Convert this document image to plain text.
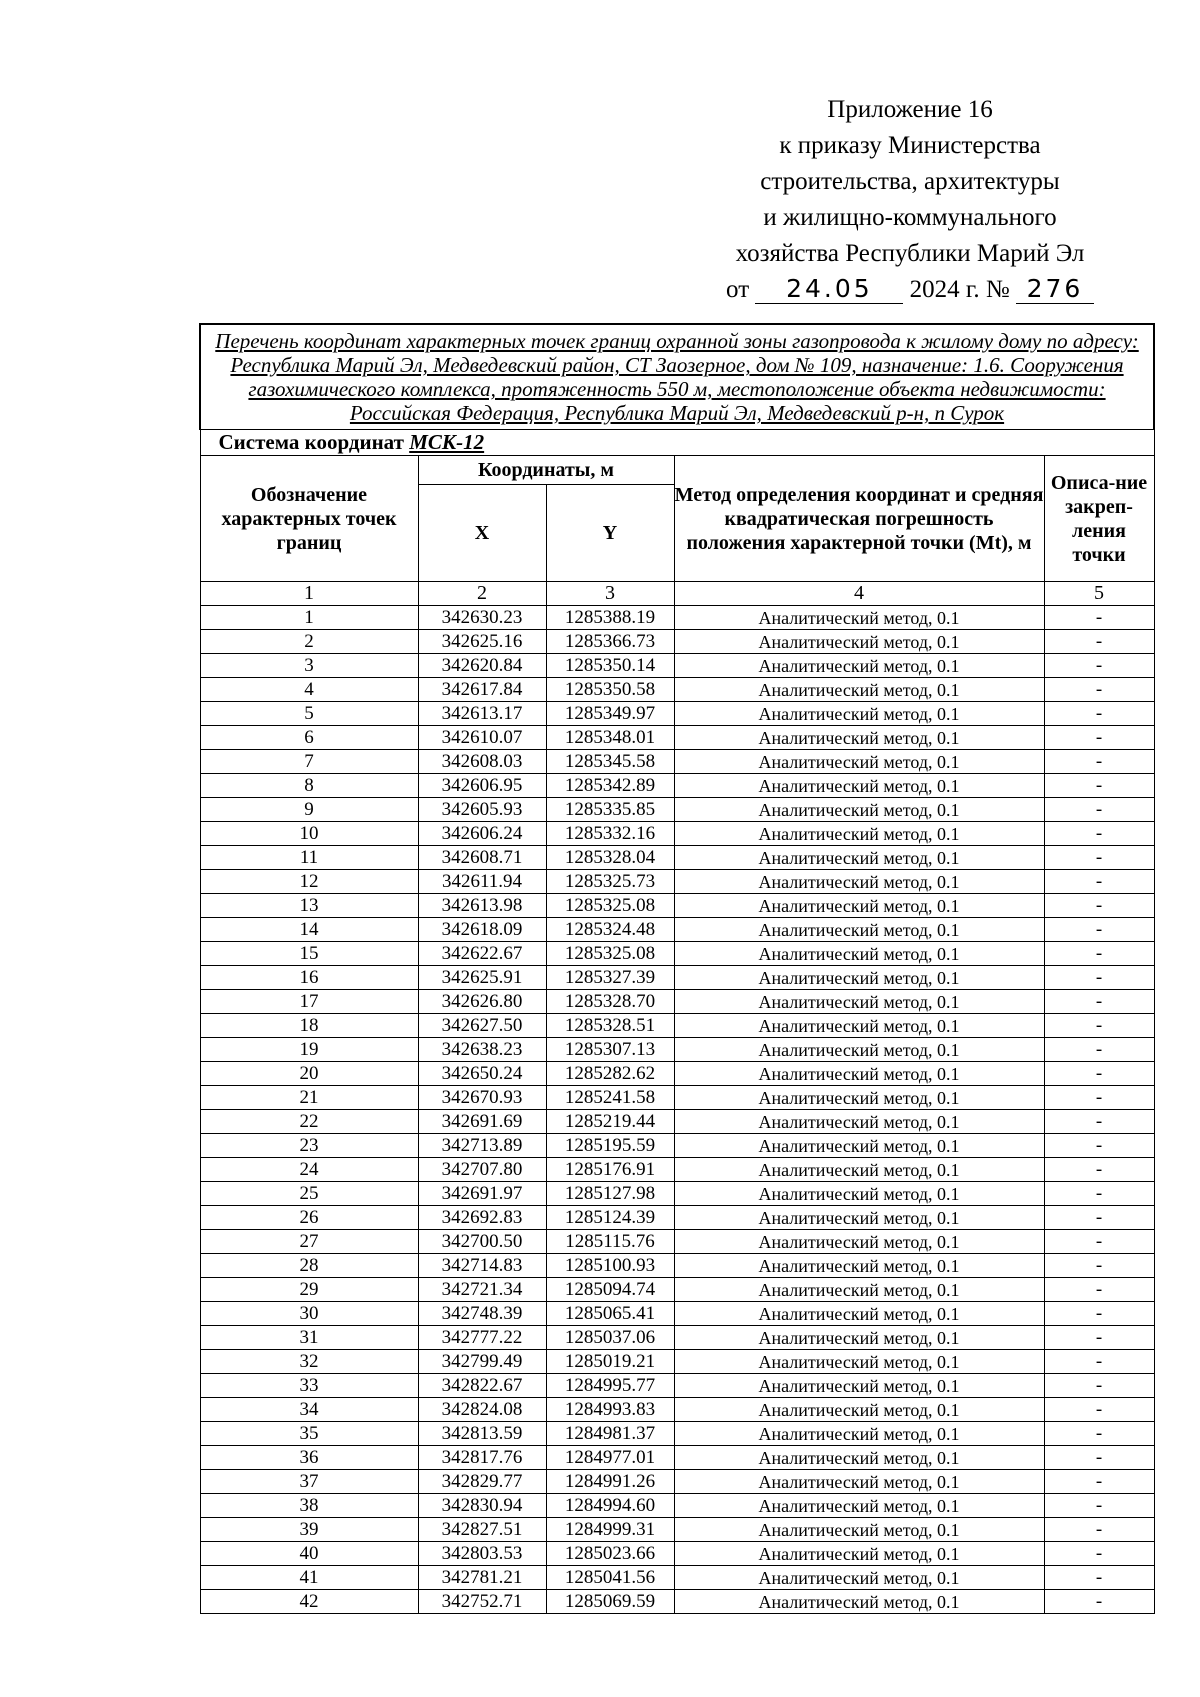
Приложение 16
к приказу Министерства
строительства, архитектуры
и жилищно-коммунального
хозяйства Республики Марий Эл
от 24.05 2024 г. № 276
Перечень координат характерных точек границ охранной зоны газопровода к жилому дому по адресу: Республика Марий Эл, Медведевский район, СТ Заозерное, дом № 109, назначение: 1.6. Сооружения газохимического комплекса, протяженность 550 м, местоположение объекта недвижимости: Российская Федерация, Республика Марий Эл, Медведевский р-н, п Сурок				
Система координат МСК-12				
Обозначение характерных точек границ	Координаты, м		Метод определения координат и средняя квадратическая погрешность положения характерной точки (Mt), м	Описа-ние закреп-ления точки
	X	Y		
1	2	3	4	5
1	342630.23	1285388.19	Аналитический метод, 0.1	-
2	342625.16	1285366.73	Аналитический метод, 0.1	-
3	342620.84	1285350.14	Аналитический метод, 0.1	-
4	342617.84	1285350.58	Аналитический метод, 0.1	-
5	342613.17	1285349.97	Аналитический метод, 0.1	-
6	342610.07	1285348.01	Аналитический метод, 0.1	-
7	342608.03	1285345.58	Аналитический метод, 0.1	-
8	342606.95	1285342.89	Аналитический метод, 0.1	-
9	342605.93	1285335.85	Аналитический метод, 0.1	-
10	342606.24	1285332.16	Аналитический метод, 0.1	-
11	342608.71	1285328.04	Аналитический метод, 0.1	-
12	342611.94	1285325.73	Аналитический метод, 0.1	-
13	342613.98	1285325.08	Аналитический метод, 0.1	-
14	342618.09	1285324.48	Аналитический метод, 0.1	-
15	342622.67	1285325.08	Аналитический метод, 0.1	-
16	342625.91	1285327.39	Аналитический метод, 0.1	-
17	342626.80	1285328.70	Аналитический метод, 0.1	-
18	342627.50	1285328.51	Аналитический метод, 0.1	-
19	342638.23	1285307.13	Аналитический метод, 0.1	-
20	342650.24	1285282.62	Аналитический метод, 0.1	-
21	342670.93	1285241.58	Аналитический метод, 0.1	-
22	342691.69	1285219.44	Аналитический метод, 0.1	-
23	342713.89	1285195.59	Аналитический метод, 0.1	-
24	342707.80	1285176.91	Аналитический метод, 0.1	-
25	342691.97	1285127.98	Аналитический метод, 0.1	-
26	342692.83	1285124.39	Аналитический метод, 0.1	-
27	342700.50	1285115.76	Аналитический метод, 0.1	-
28	342714.83	1285100.93	Аналитический метод, 0.1	-
29	342721.34	1285094.74	Аналитический метод, 0.1	-
30	342748.39	1285065.41	Аналитический метод, 0.1	-
31	342777.22	1285037.06	Аналитический метод, 0.1	-
32	342799.49	1285019.21	Аналитический метод, 0.1	-
33	342822.67	1284995.77	Аналитический метод, 0.1	-
34	342824.08	1284993.83	Аналитический метод, 0.1	-
35	342813.59	1284981.37	Аналитический метод, 0.1	-
36	342817.76	1284977.01	Аналитический метод, 0.1	-
37	342829.77	1284991.26	Аналитический метод, 0.1	-
38	342830.94	1284994.60	Аналитический метод, 0.1	-
39	342827.51	1284999.31	Аналитический метод, 0.1	-
40	342803.53	1285023.66	Аналитический метод, 0.1	-
41	342781.21	1285041.56	Аналитический метод, 0.1	-
42	342752.71	1285069.59	Аналитический метод, 0.1	-
